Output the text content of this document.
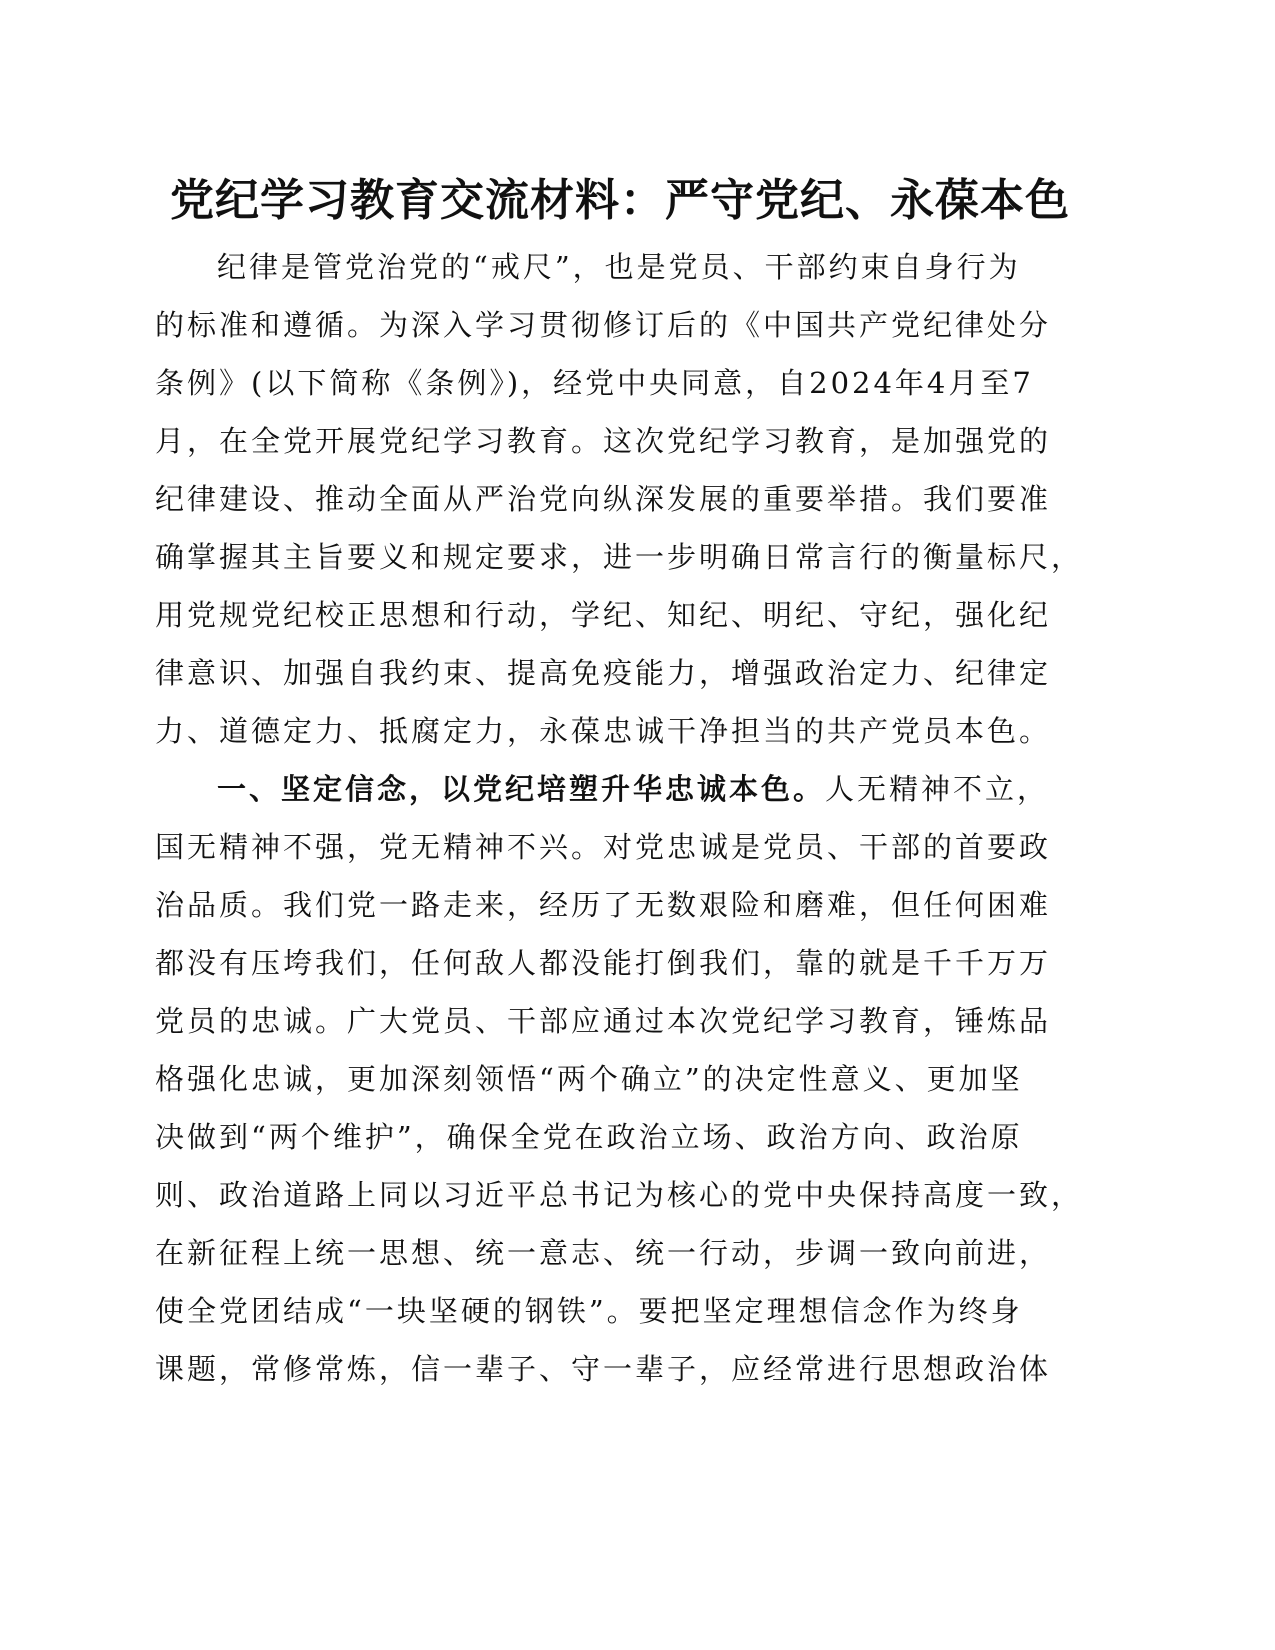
党纪学习教育交流材料：严守党纪、永葆本色
纪律是管党治党的“戒尺”，也是党员、干部约束自身行为
的标准和遵循。为深入学习贯彻修订后的《中国共产党纪律处分
条例》(以下简称《条例》)，经党中央同意，自2024年4月至7
月，在全党开展党纪学习教育。这次党纪学习教育，是加强党的
纪律建设、推动全面从严治党向纵深发展的重要举措。我们要准
确掌握其主旨要义和规定要求，进一步明确日常言行的衡量标尺，
用党规党纪校正思想和行动，学纪、知纪、明纪、守纪，强化纪
律意识、加强自我约束、提高免疫能力，增强政治定力、纪律定
力、道德定力、抵腐定力，永葆忠诚干净担当的共产党员本色。
一、坚定信念，以党纪培塑升华忠诚本色。人无精神不立，
国无精神不强，党无精神不兴。对党忠诚是党员、干部的首要政
治品质。我们党一路走来，经历了无数艰险和磨难，但任何困难
都没有压垮我们，任何敌人都没能打倒我们，靠的就是千千万万
党员的忠诚。广大党员、干部应通过本次党纪学习教育，锤炼品
格强化忠诚，更加深刻领悟“两个确立”的决定性意义、更加坚
决做到“两个维护”，确保全党在政治立场、政治方向、政治原
则、政治道路上同以习近平总书记为核心的党中央保持高度一致，
在新征程上统一思想、统一意志、统一行动，步调一致向前进，
使全党团结成“一块坚硬的钢铁”。要把坚定理想信念作为终身
课题，常修常炼，信一辈子、守一辈子，应经常进行思想政治体
